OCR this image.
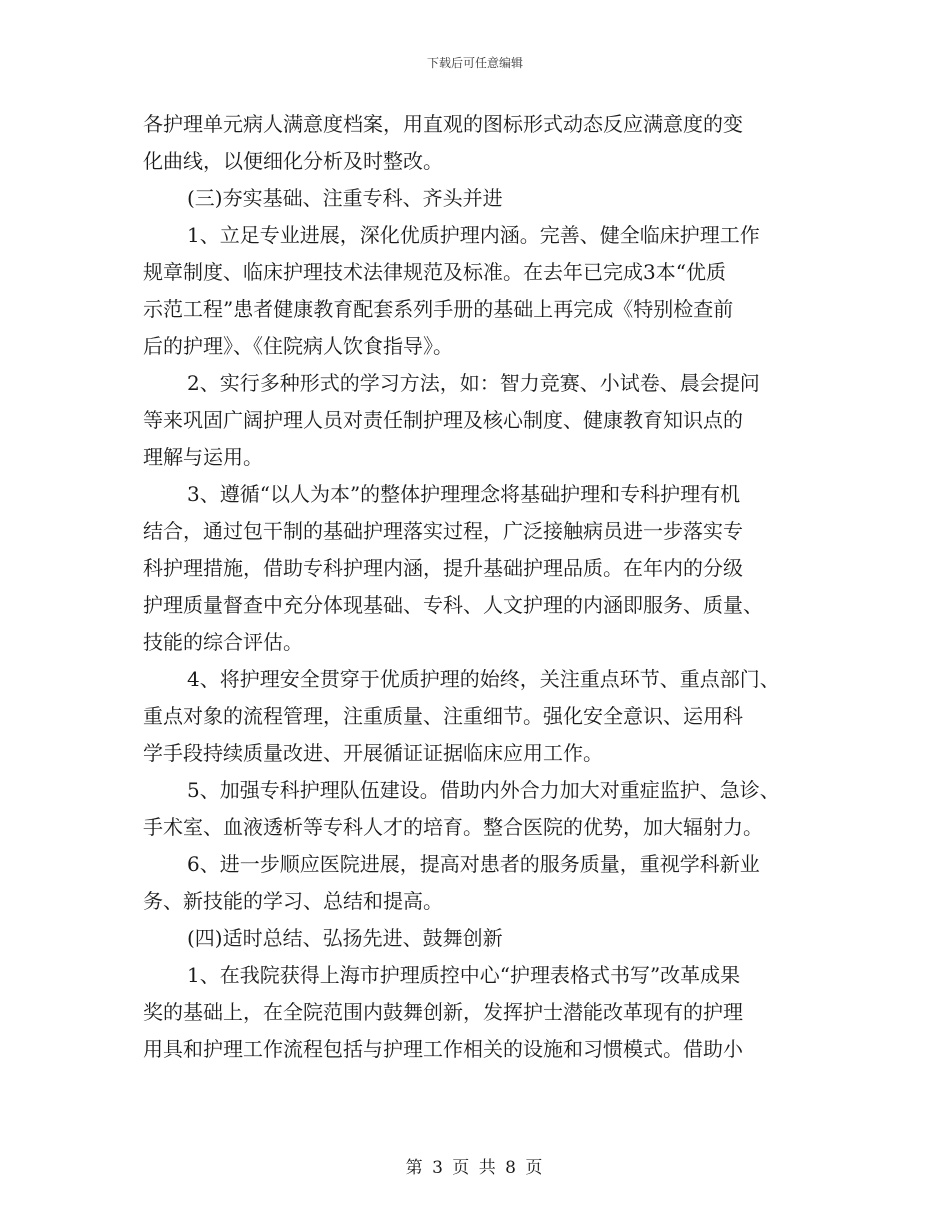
下载后可任意编辑
各护理单元病人满意度档案，用直观的图标形式动态反应满意度的变
化曲线，以便细化分析及时整改。
(三)夯实基础、注重专科、齐头并进
1、立足专业进展，深化优质护理内涵。完善、健全临床护理工作
规章制度、临床护理技术法律规范及标准。在去年已完成3本“优质
示范工程”患者健康教育配套系列手册的基础上再完成《特别检查前
后的护理》、《住院病人饮食指导》。
2、实行多种形式的学习方法，如：智力竞赛、小试卷、晨会提问
等来巩固广阔护理人员对责任制护理及核心制度、健康教育知识点的
理解与运用。
3、遵循“以人为本”的整体护理理念将基础护理和专科护理有机
结合，通过包干制的基础护理落实过程，广泛接触病员进一步落实专
科护理措施，借助专科护理内涵，提升基础护理品质。在年内的分级
护理质量督查中充分体现基础、专科、人文护理的内涵即服务、质量、
技能的综合评估。
4、将护理安全贯穿于优质护理的始终，关注重点环节、重点部门、
重点对象的流程管理，注重质量、注重细节。强化安全意识、运用科
学手段持续质量改进、开展循证证据临床应用工作。
5、加强专科护理队伍建设。借助内外合力加大对重症监护、急诊、
手术室、血液透析等专科人才的培育。整合医院的优势，加大辐射力。
6、进一步顺应医院进展，提高对患者的服务质量，重视学科新业
务、新技能的学习、总结和提高。
(四)适时总结、弘扬先进、鼓舞创新
1、在我院获得上海市护理质控中心“护理表格式书写”改革成果
奖的基础上，在全院范围内鼓舞创新，发挥护士潜能改革现有的护理
用具和护理工作流程包括与护理工作相关的设施和习惯模式。借助小
第 3 页 共 8 页
